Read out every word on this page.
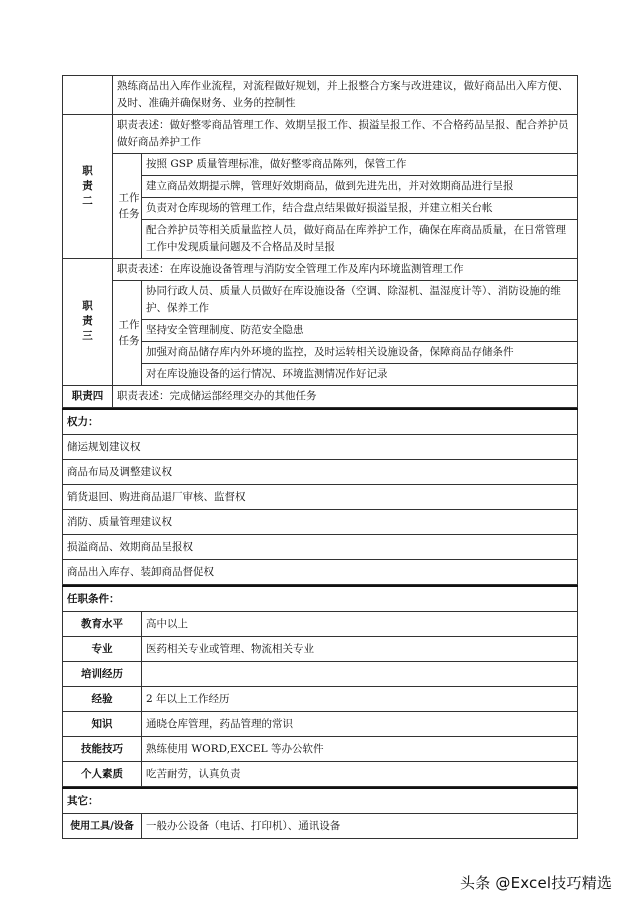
	熟练商品出入库作业流程，对流程做好规划，并上报整合方案与改进建议，做好商品出入库方便、及时、准确并确保财务、业务的控制性	
职责二	职责表述：做好整零商品管理工作、效期呈报工作、损溢呈报工作、不合格药品呈报、配合养护员做好商品养护工作	
	工作任务	按照 GSP 质量管理标准，做好整零商品陈列，保管工作
		建立商品效期提示牌，管理好效期商品，做到先进先出，并对效期商品进行呈报
		负责对仓库现场的管理工作，结合盘点结果做好损溢呈报，并建立相关台帐
		配合养护员等相关质量监控人员，做好商品在库养护工作，确保在库商品质量，在日常管理工作中发现质量问题及不合格品及时呈报
职责三	职责表述：在库设施设备管理与消防安全管理工作及库内环境监测管理工作	
	工作任务	协同行政人员、质量人员做好在库设施设备（空调、除湿机、温湿度计等）、消防设施的维护、保养工作
		坚持安全管理制度、防范安全隐患
		加强对商品储存库内外环境的监控，及时运转相关设施设备，保障商品存储条件
		对在库设施设备的运行情况、环境监测情况作好记录
职责四	职责表述：完成储运部经理交办的其他任务	
权力：
储运规划建议权
商品布局及调整建议权
销货退回、购进商品退厂审核、监督权
消防、质量管理建议权
损溢商品、效期商品呈报权
商品出入库存、装卸商品督促权
任职条件：	
教育水平	高中以上
专业	医药相关专业或管理、物流相关专业
培训经历	
经验	2 年以上工作经历
知识	通晓仓库管理，药品管理的常识
技能技巧	熟练使用 WORD,EXCEL 等办公软件
个人素质	吃苦耐劳，认真负责
其它：
使用工具/设备	一般办公设备（电话、打印机）、通讯设备
头条 @Excel技巧精选
